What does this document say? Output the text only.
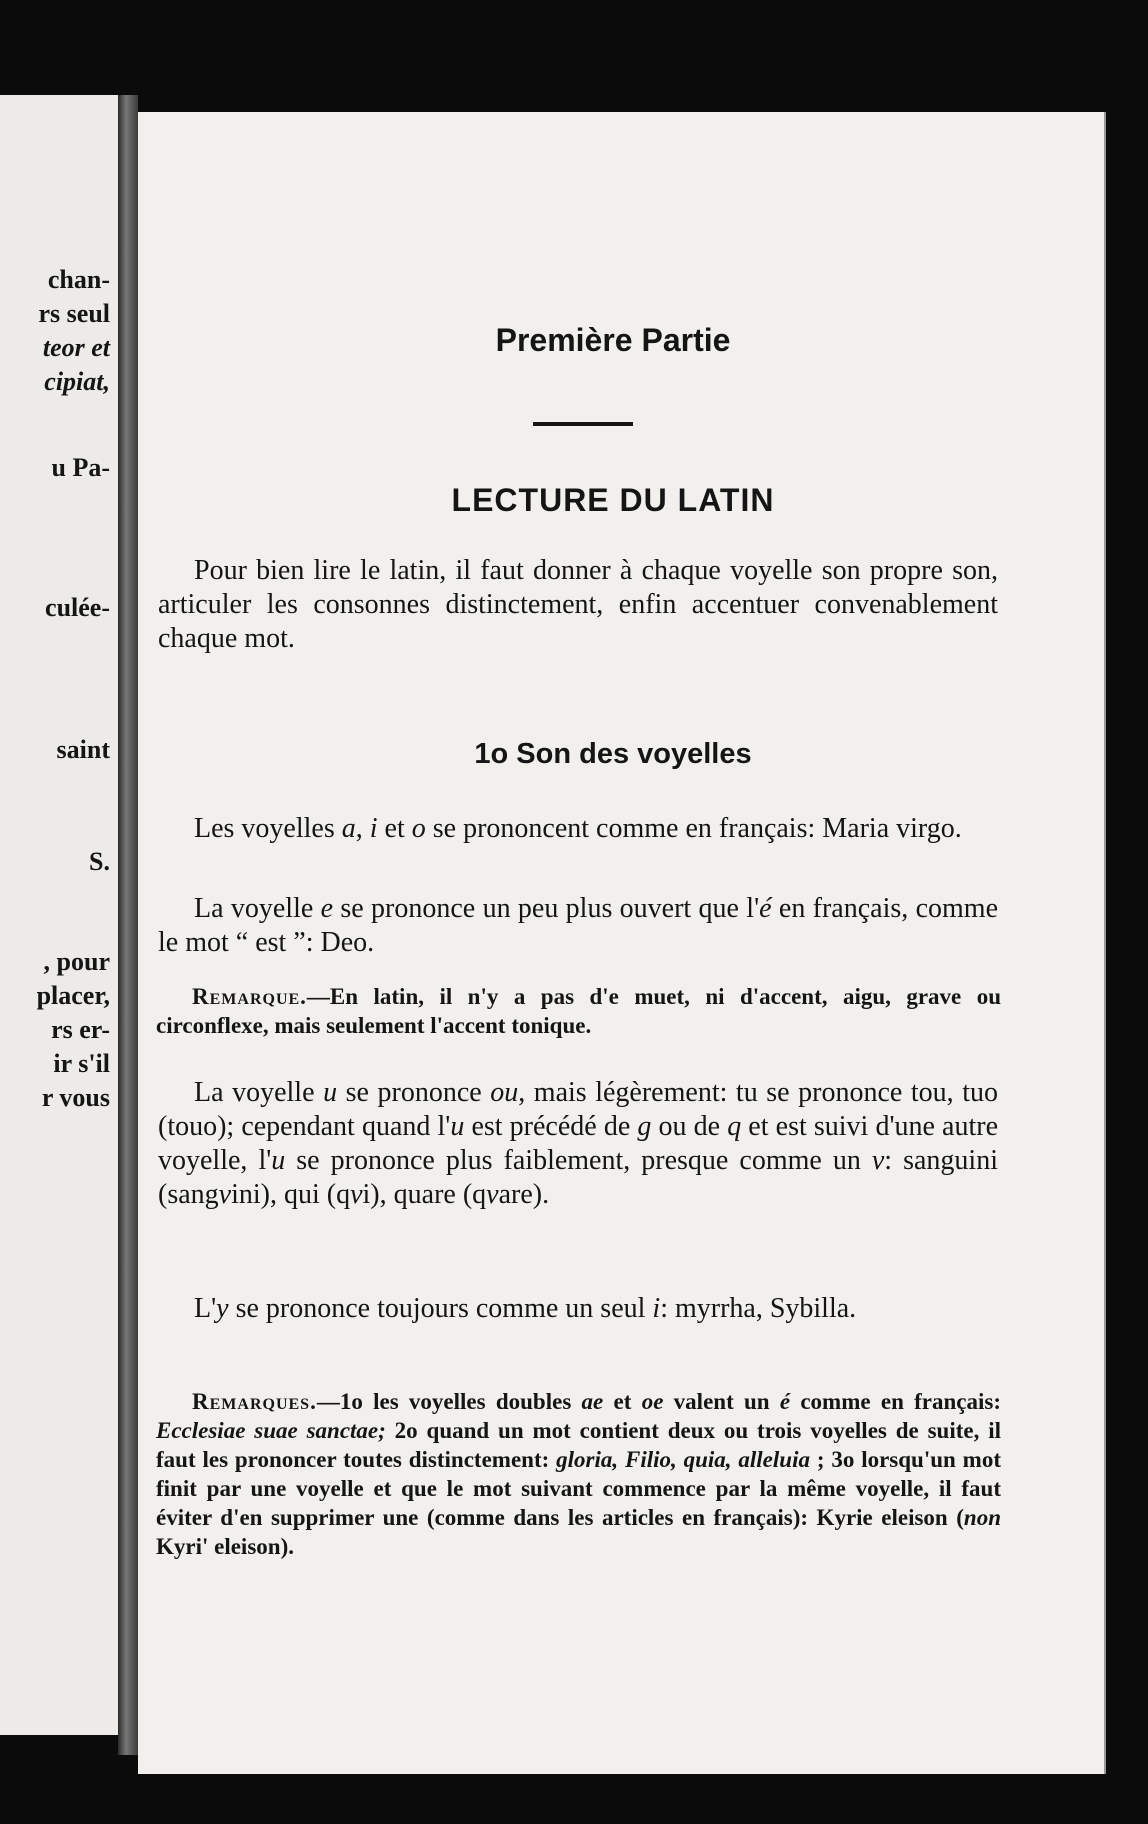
chan-
rs seul
teor et
cipiat,
u Pa-
culée-
saint
S.
, pour
placer,
rs er-
ir s'il
r vous
Première Partie
LECTURE DU LATIN
Pour bien lire le latin, il faut donner à chaque voyelle son propre son, articuler les consonnes distinctement, enfin accentuer convenablement chaque mot.
1o Son des voyelles
Les voyelles a, i et o se prononcent comme en français: Maria virgo.
La voyelle e se prononce un peu plus ouvert que l'é en français, comme le mot “ est ”: Deo.
Remarque.—En latin, il n'y a pas d'e muet, ni d'accent, aigu, grave ou circonflexe, mais seulement l'accent tonique.
La voyelle u se prononce ou, mais légèrement: tu se prononce tou, tuo (touo); cependant quand l'u est précédé de g ou de q et est suivi d'une autre voyelle, l'u se prononce plus faiblement, presque comme un v: sanguini (sangvini), qui (qvi), quare (qvare).
L'y se prononce toujours comme un seul i: myrrha, Sybilla.
Remarques.—1o les voyelles doubles ae et oe valent un é comme en français: Ecclesiae suae sanctae; 2o quand un mot contient deux ou trois voyelles de suite, il faut les prononcer toutes distinctement: gloria, Filio, quia, alleluia ; 3o lorsqu'un mot finit par une voyelle et que le mot suivant commence par la même voyelle, il faut éviter d'en supprimer une (comme dans les articles en français): Kyrie eleison (non Kyri' eleison).
